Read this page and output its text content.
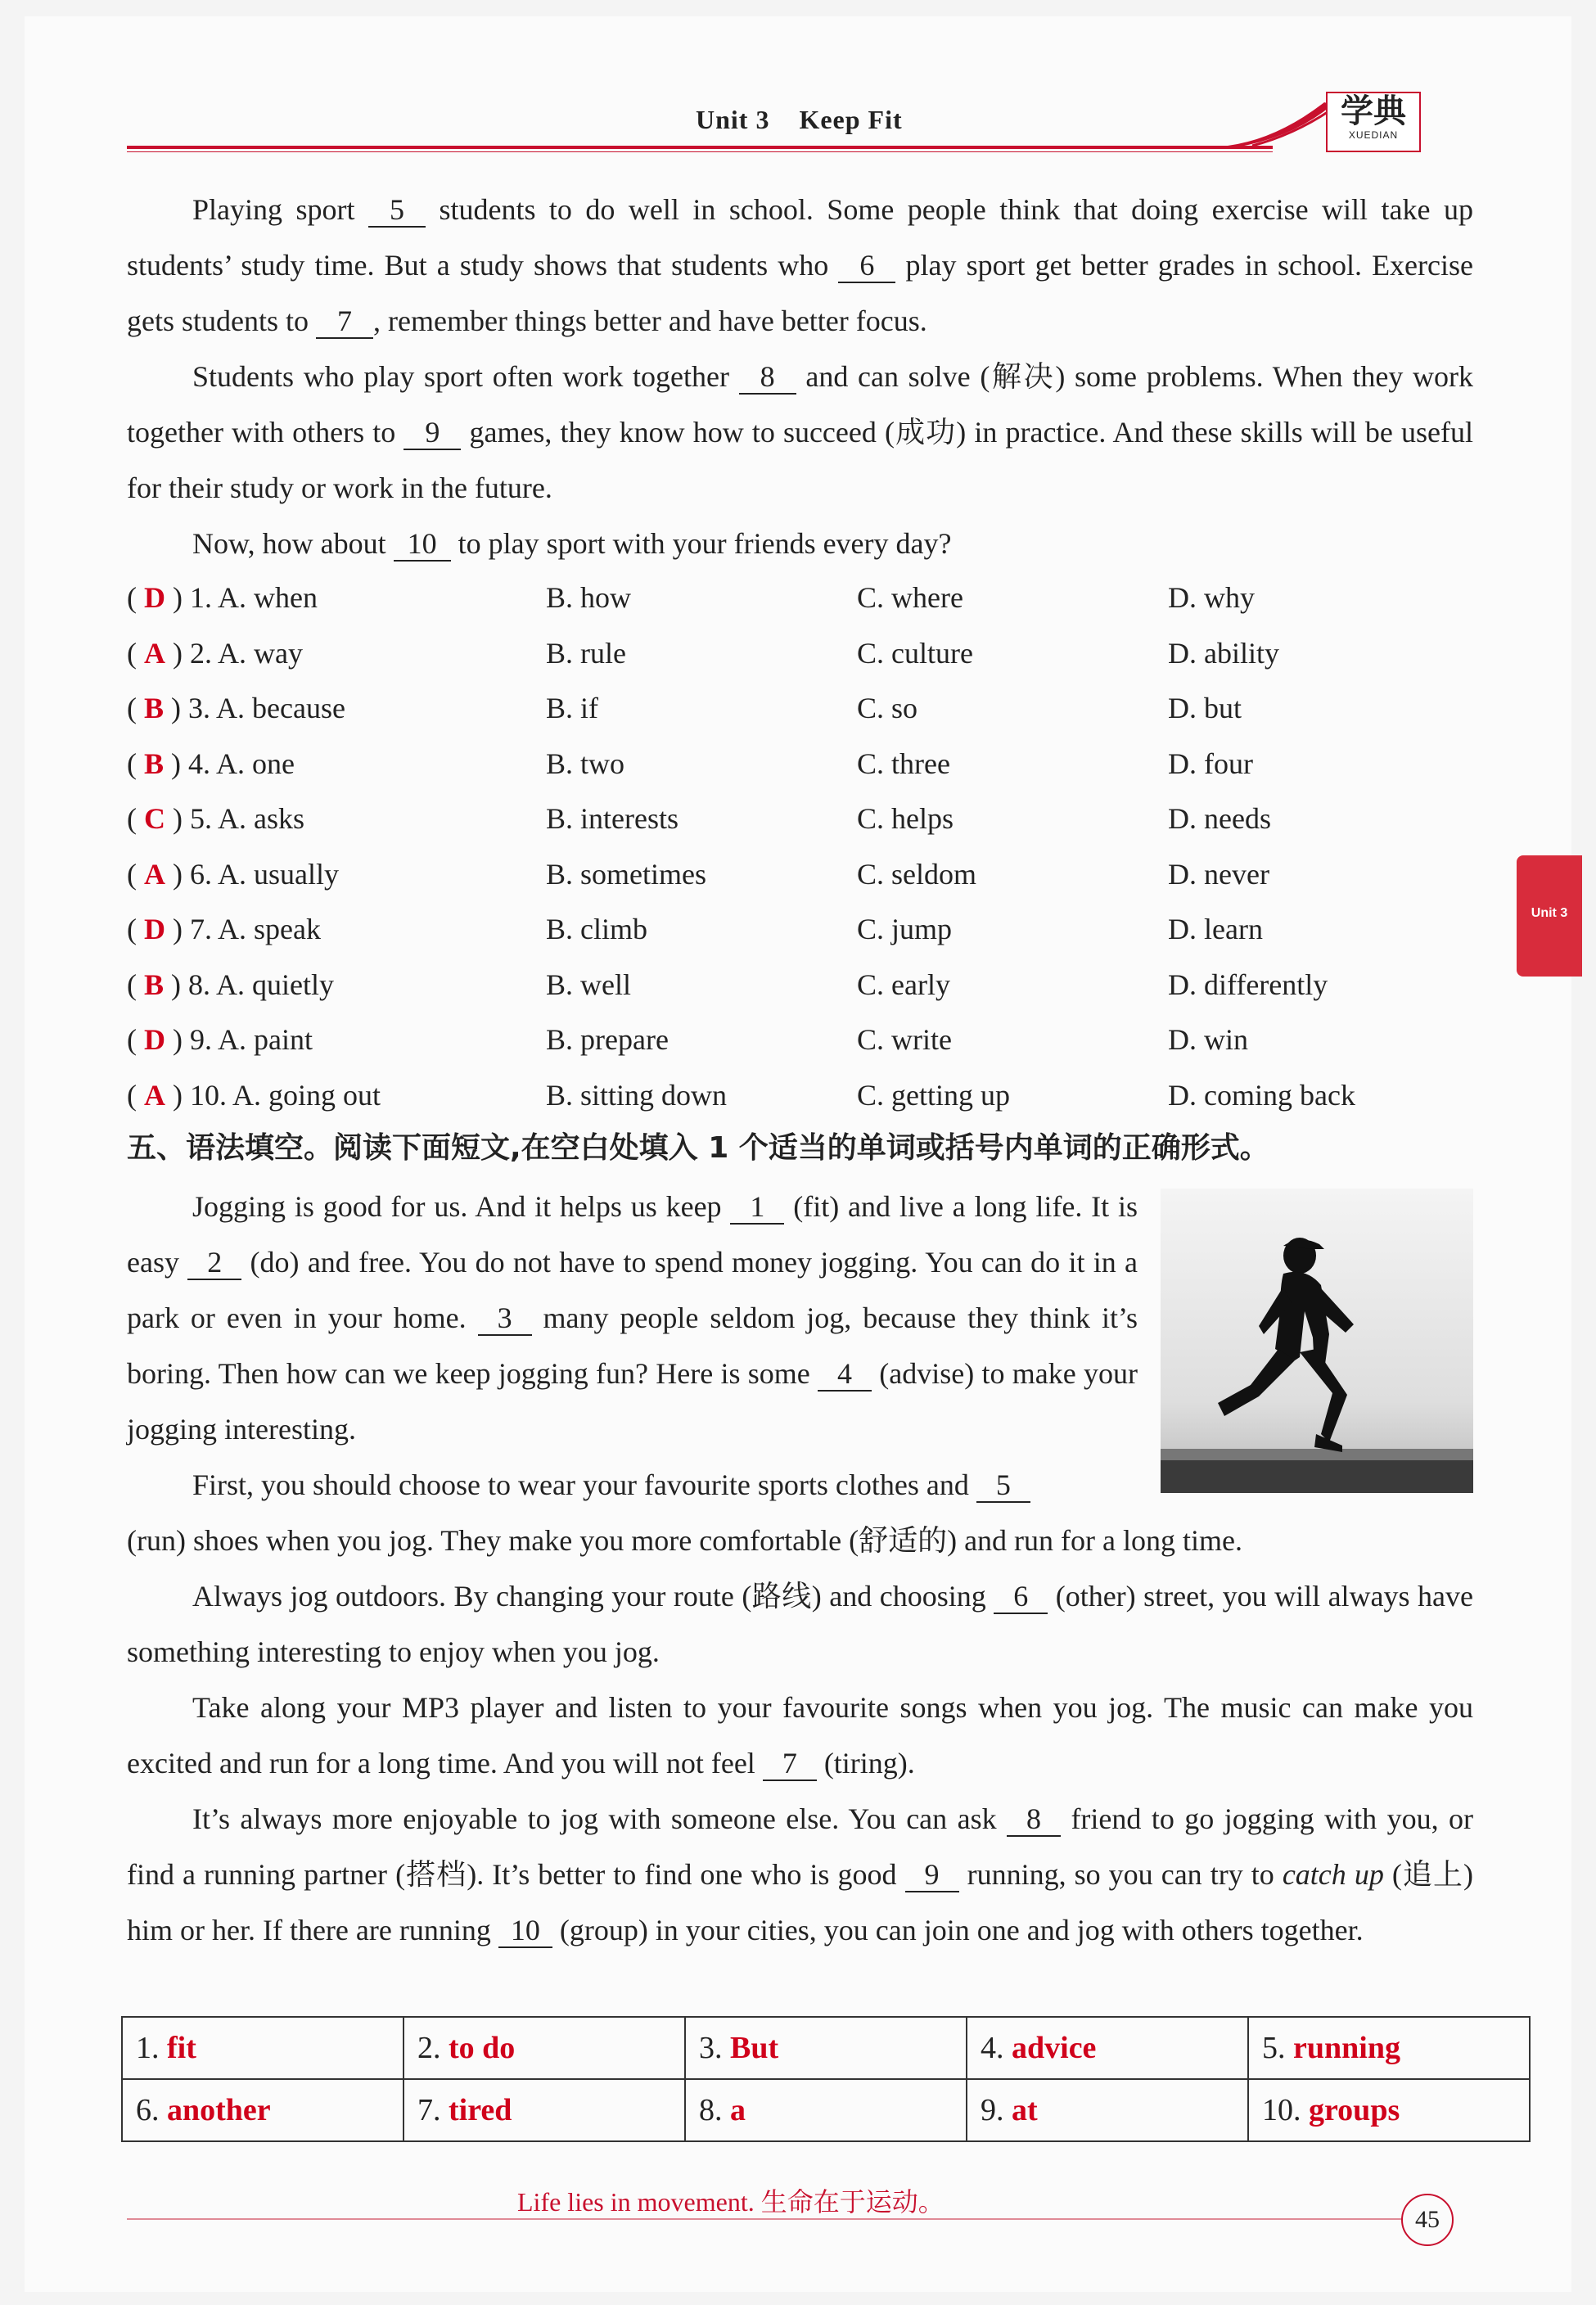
Unit 3    Keep Fit	学典
XUEDIAN
Unit 3
Playing sport 5 students to do well in school. Some people think that doing exercise will take up students’ study time. But a study shows that students who 6 play sport get better grades in school. Exercise gets students to 7 , remember things better and have better focus.
Students who play sport often work together 8 and can solve (解决) some problems. When they work together with others to 9 games, they know how to succeed (成功) in practice. And these skills will be useful for their study or work in the future.
Now, how about 10 to play sport with your friends every day?
( D ) 1. A. when	B. how	C. where	D. why
( A ) 2. A. way	B. rule	C. culture	D. ability
( B ) 3. A. because	B. if	C. so	D. but
( B ) 4. A. one	B. two	C. three	D. four
( C ) 5. A. asks	B. interests	C. helps	D. needs
( A ) 6. A. usually	B. sometimes	C. seldom	D. never
( D ) 7. A. speak	B. climb	C. jump	D. learn
( B ) 8. A. quietly	B. well	C. early	D. differently
( D ) 9. A. paint	B. prepare	C. write	D. win
( A ) 10. A. going out	B. sitting down	C. getting up	D. coming back
五、语法填空。阅读下面短文,在空白处填入 1 个适当的单词或括号内单词的正确形式。
Jogging is good for us. And it helps us keep 1 (fit) and live a long life. It is easy 2 (do) and free. You do not have to spend money jogging. You can do it in a park or even in your home. 3 many people seldom jog, because they think it’s boring. Then how can we keep jogging fun? Here is some 4 (advise) to make your jogging interesting.
First, you should choose to wear your favourite sports clothes and 5
(run) shoes when you jog. They make you more comfortable (舒适的) and run for a long time.
Always jog outdoors. By changing your route (路线) and choosing 6 (other) street, you will always have something interesting to enjoy when you jog.
Take along your MP3 player and listen to your favourite songs when you jog. The music can make you excited and run for a long time. And you will not feel 7 (tiring).
It’s always more enjoyable to jog with someone else. You can ask 8 friend to go jogging with you, or find a running partner (搭档). It’s better to find one who is good 9 running, so you can try to catch up (追上) him or her. If there are running 10 (group) in your cities, you can join one and jog with others together.
1. fit	2. to do	3. But	4. advice	5. running
6. another	7. tired	8. a	9. at	10. groups
Life lies in movement. 生命在于运动。
45
